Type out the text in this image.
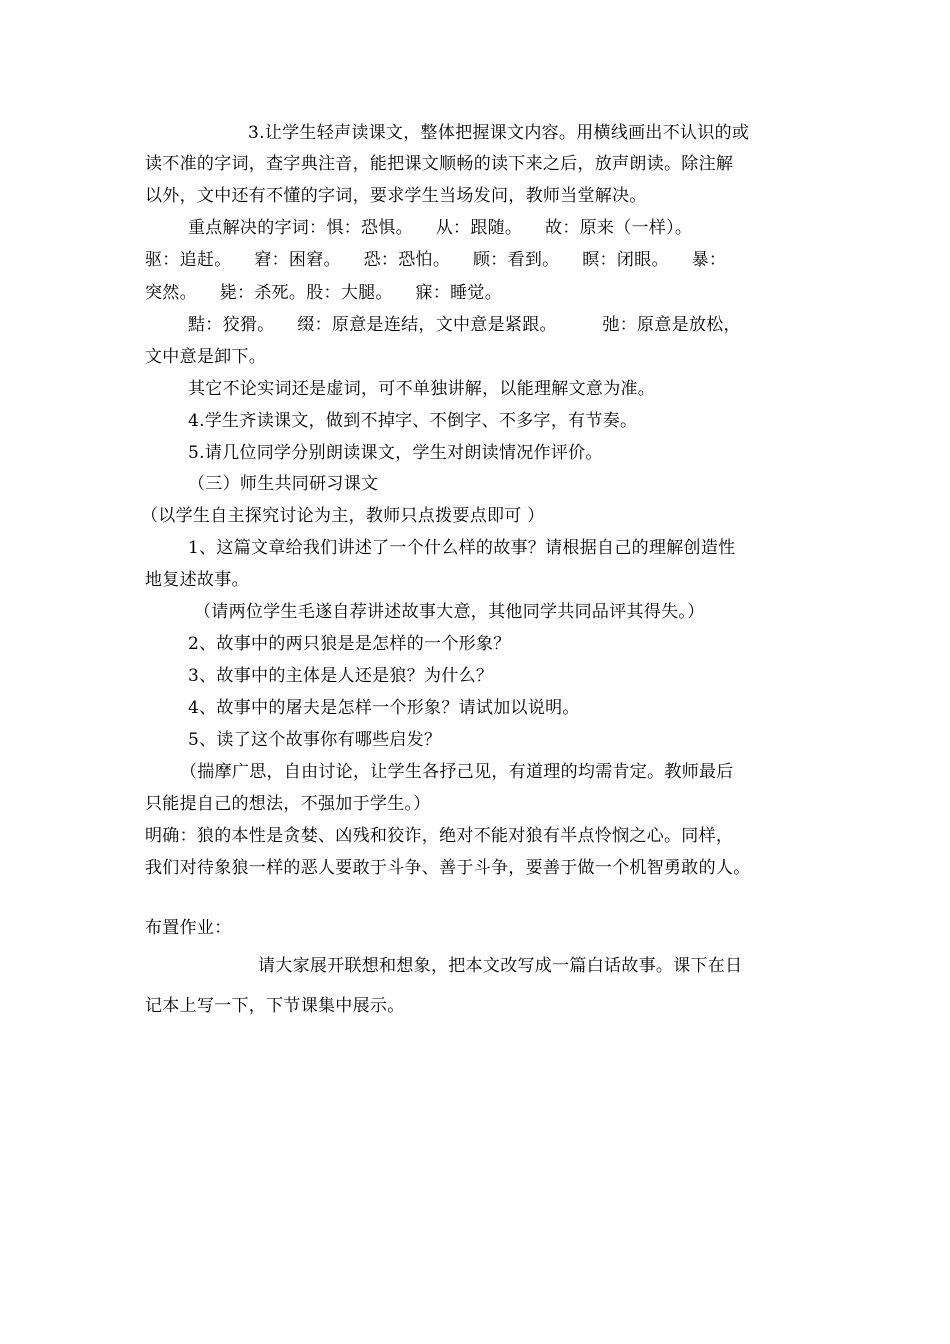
3.让学生轻声读课文，整体把握课文内容。用横线画出不认识的或

读不准的字词，查字典注音，能把课文顺畅的读下来之后，放声朗读。除注解

以外，文中还有不懂的字词，要求学生当场发问，教师当堂解决。

重点解决的字词：惧：恐惧。    从：跟随。    故：原来（一样）。

驱：追赶。    窘：困窘。    恐：恐怕。    顾：看到。    瞑：闭眼。    暴：

突然。    毙：杀死。股：大腿。    寐：睡觉。

黠：狡猾。    缀：原意是连结，文中意是紧跟。        弛：原意是放松，

文中意是卸下。

其它不论实词还是虚词，可不单独讲解，以能理解文意为准。

4.学生齐读课文，做到不掉字、不倒字、不多字，有节奏。

5.请几位同学分别朗读课文，学生对朗读情况作评价。

（三）师生共同研习课文

（以学生自主探究讨论为主，教师只点拨要点即可 ）

1、这篇文章给我们讲述了一个什么样的故事？请根据自己的理解创造性

地复述故事。

（请两位学生毛遂自荐讲述故事大意，其他同学共同品评其得失。）

2、故事中的两只狼是是怎样的一个形象？

3、故事中的主体是人还是狼？为什么？

4、故事中的屠夫是怎样一个形象？请试加以说明。

5、读了这个故事你有哪些启发？

（揣摩广思，自由讨论，让学生各抒己见，有道理的均需肯定。教师最后

只能提自己的想法，不强加于学生。）

明确：狼的本性是贪婪、凶残和狡诈，绝对不能对狼有半点怜悯之心。同样，

我们对待象狼一样的恶人要敢于斗争、善于斗争，要善于做一个机智勇敢的人。

布置作业：

请大家展开联想和想象，把本文改写成一篇白话故事。课下在日

记本上写一下，下节课集中展示。
